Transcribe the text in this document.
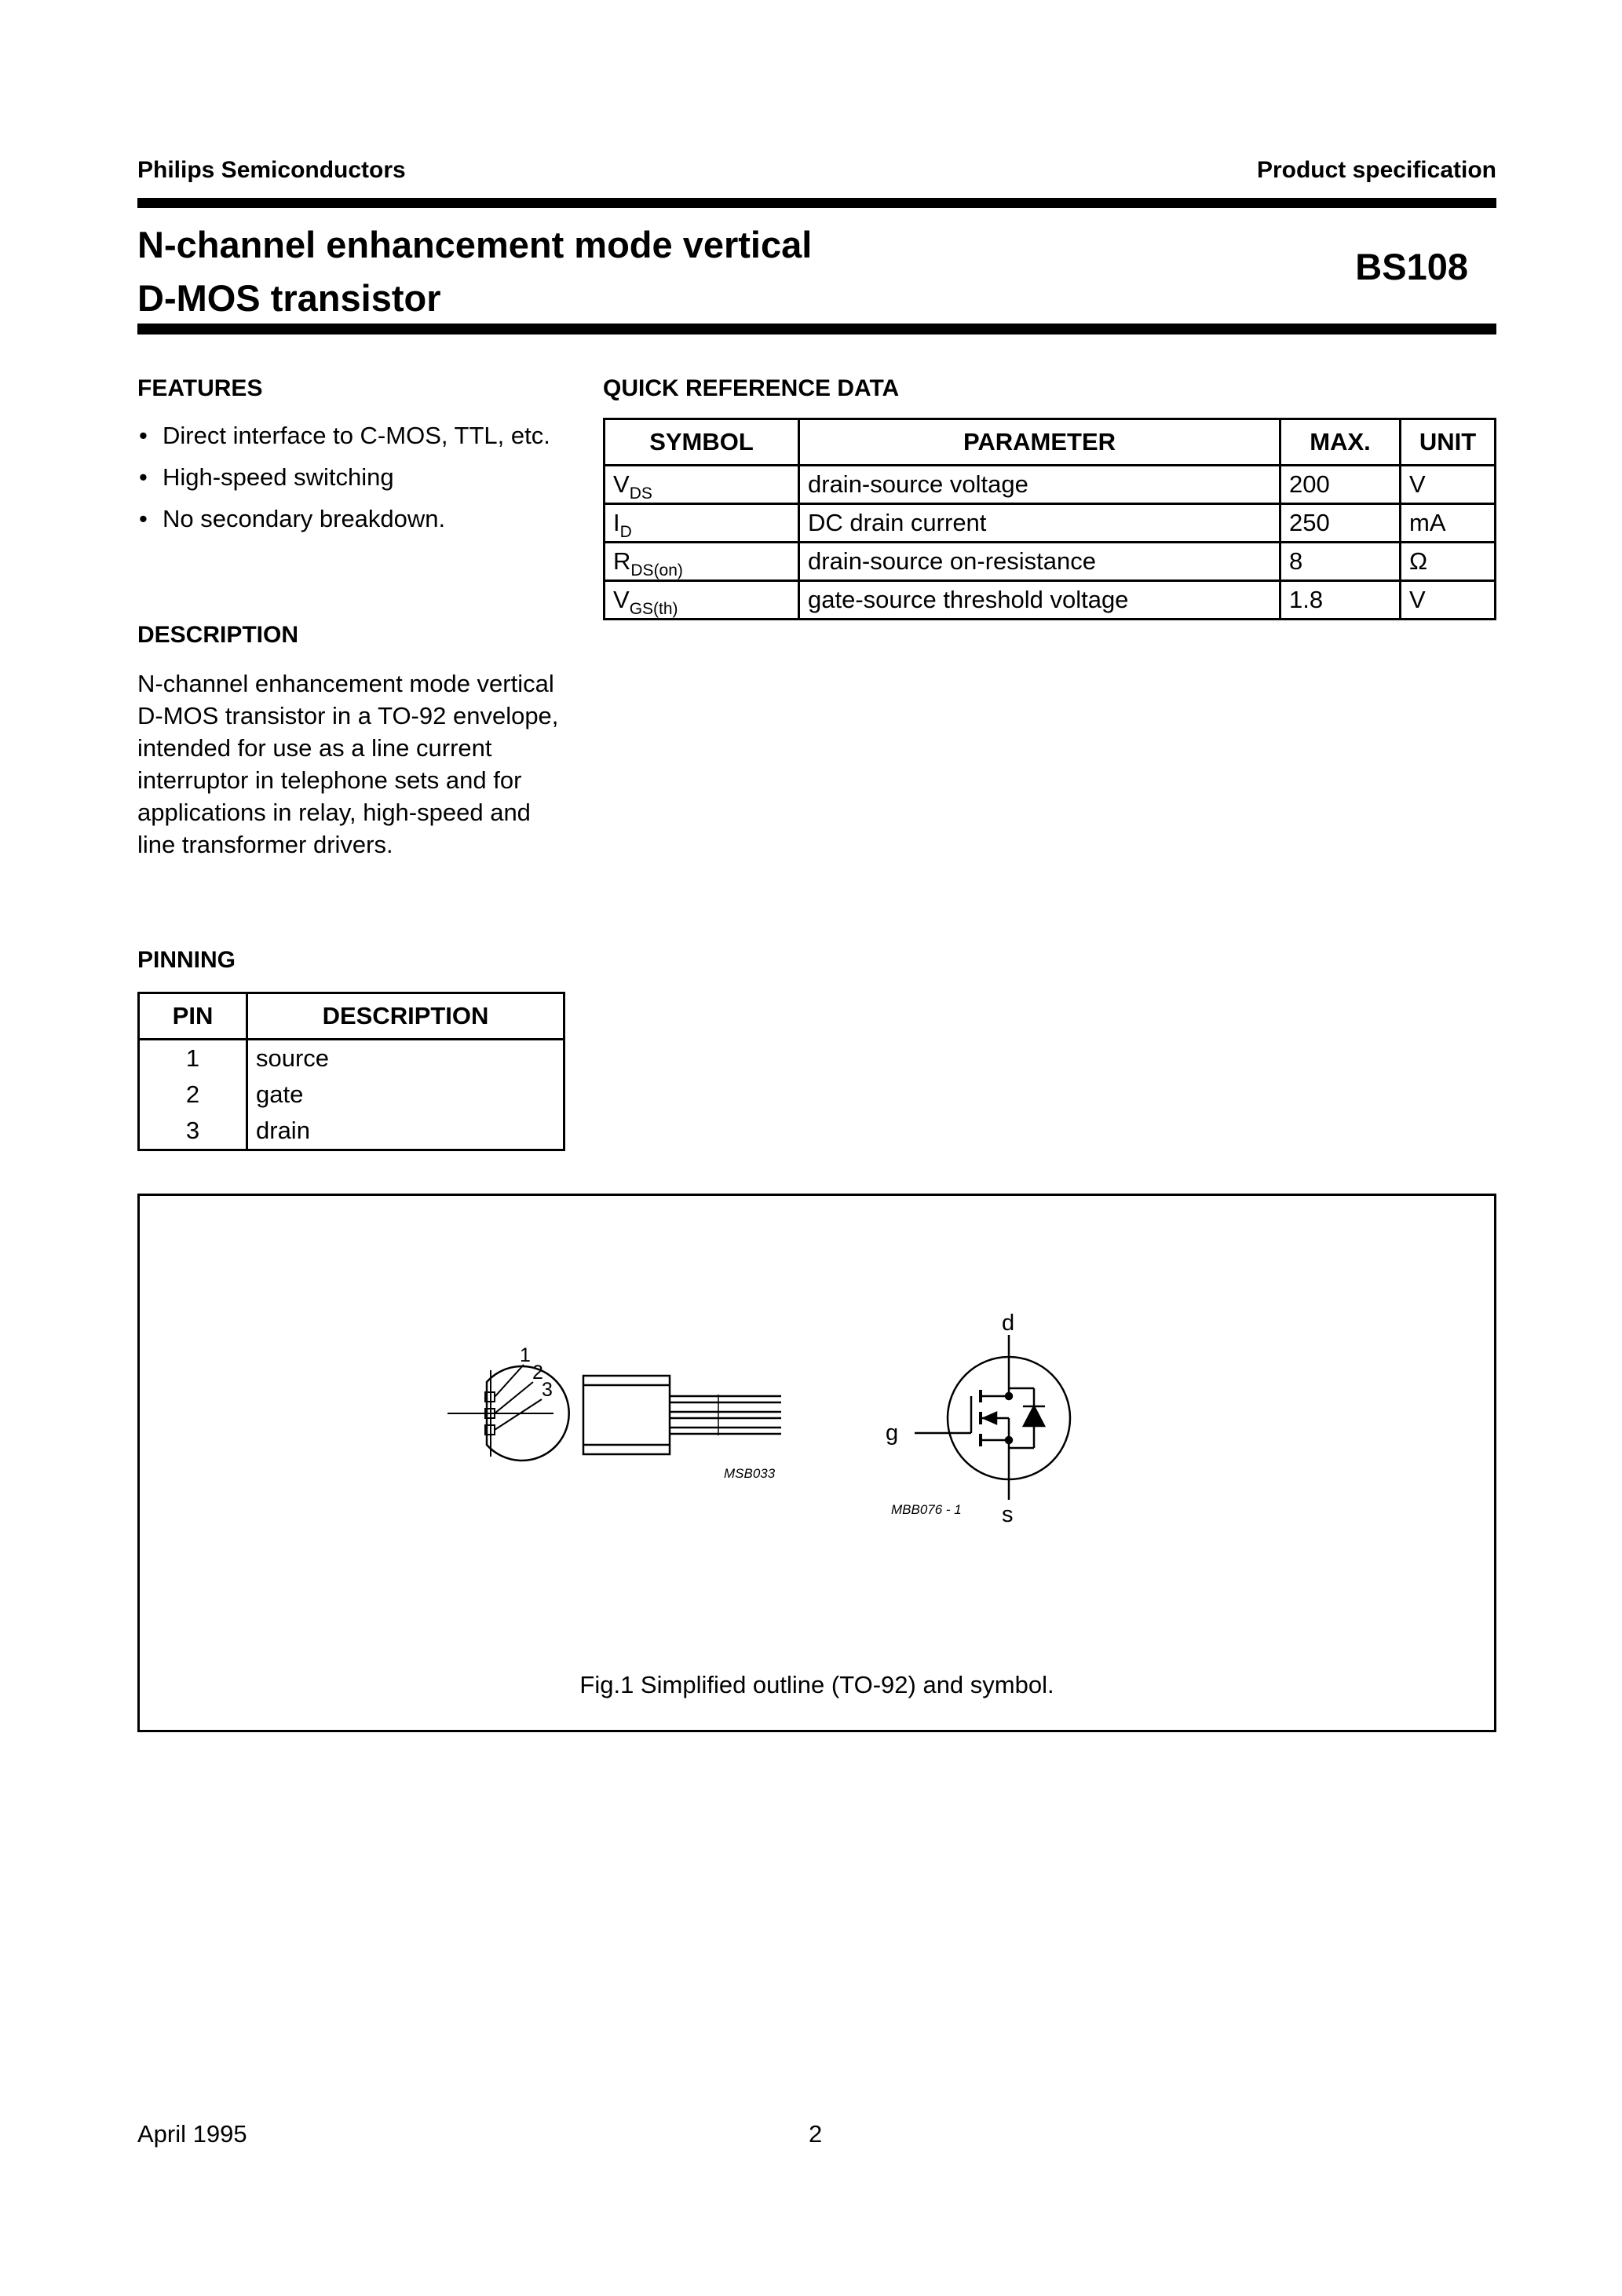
Philips Semiconductors	Product specification
N-channel enhancement mode vertical
D-MOS transistor
BS108
FEATURES
• Direct interface to C-MOS, TTL, etc.
• High-speed switching
• No secondary breakdown.
DESCRIPTION
N-channel enhancement mode vertical D-MOS transistor in a TO-92 envelope, intended for use as a line current interruptor in telephone sets and for applications in relay, high-speed and line transformer drivers.
PINNING
PIN	DESCRIPTION
1	source
2	gate
3	drain
QUICK REFERENCE DATA
SYMBOL	PARAMETER	MAX.	UNIT
$V_{DS}$	drain-source voltage	200	V
$I_D$	DC drain current	250	mA
$R_{DS(on)}$	drain-source on-resistance	8	Ω
$V_{GS(th)}$	gate-source threshold voltage	1.8	V
1
2
3
MSB033
d
g
s
MBB076 - 1
Fig.1 Simplified outline (TO-92) and symbol.
April 1995	2
